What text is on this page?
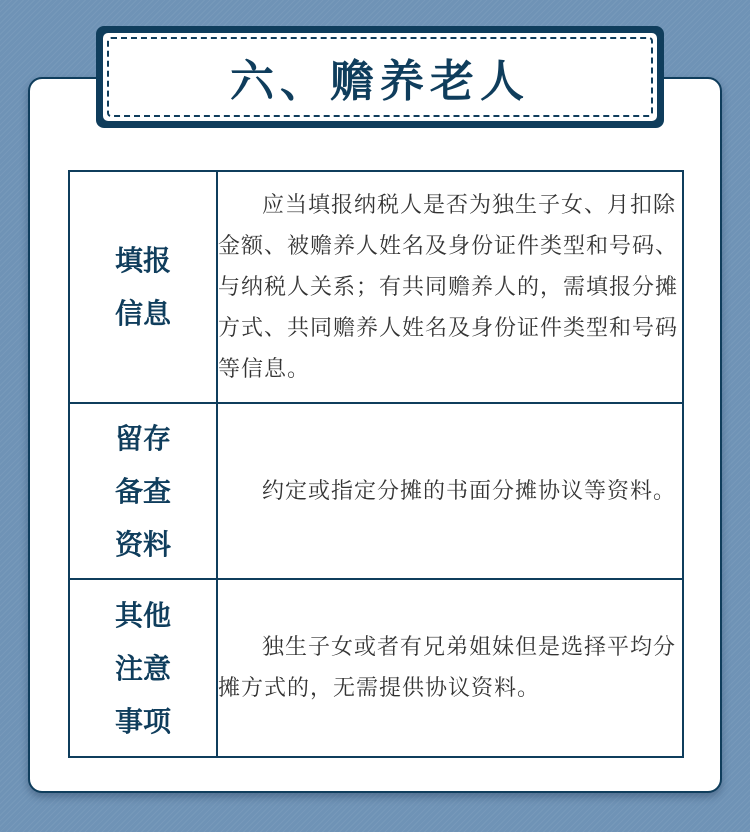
六、赡养老人
填报
信息	应当填报纳税人是否为独生子女、月扣除金额、被赡养人姓名及身份证件类型和号码、与纳税人关系；有共同赡养人的，需填报分摊方式、共同赡养人姓名及身份证件类型和号码等信息。

留存
备查
资料	约定或指定分摊的书面分摊协议等资料。

其他
注意
事项	独生子女或者有兄弟姐妹但是选择平均分摊方式的，无需提供协议资料。
